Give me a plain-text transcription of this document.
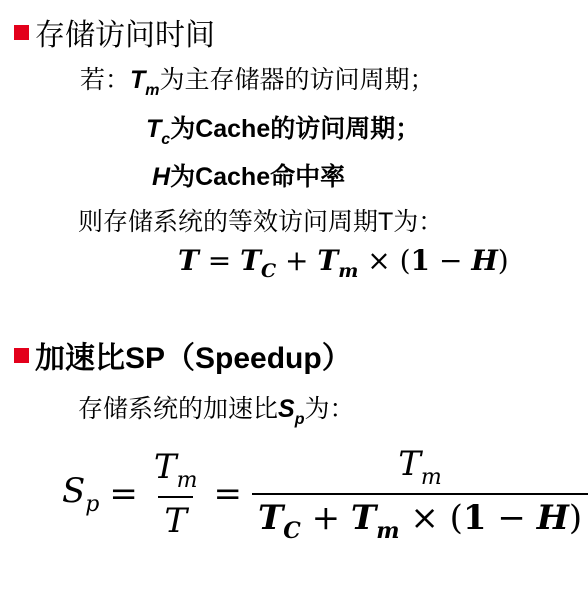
存储访问时间
若：$T_m$为主存储器的访问周期；
$T_c$为Cache的访问周期；
H为Cache命中率
则存储系统的等效访问周期T为：
$T = T_C + T_m \times (1 - H)$
加速比SP（Speedup）
存储系统的加速比$S_p$为：
$S_p = \frac{T_m}{T} = \frac{T_m}{T_C + T_m \times (1 - H)}$
